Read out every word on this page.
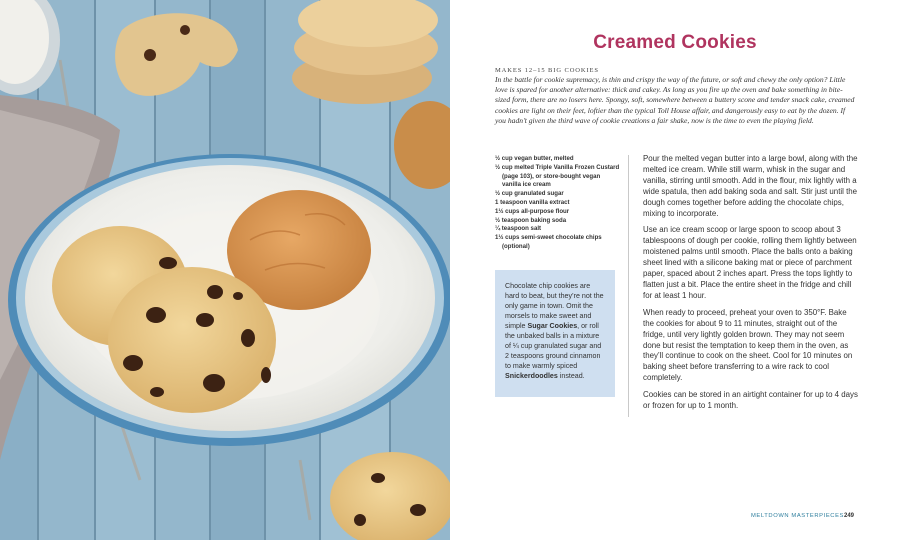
Creamed Cookies
MAKES 12–15 BIG COOKIES

In the battle for cookie supremacy, is thin and crispy the way of the future, or soft and chewy the only option? Little love is spared for another alternative: thick and cakey. As long as you fire up the oven and bake something in bite-sized form, there are no losers here. Spongy, soft, somewhere between a buttery scone and tender snack cake, creamed cookies are light on their feet, loftier than the typical Toll House affair, and dangerously easy to eat by the dozen. If you hadn’t given the third wave of cookie creations a fair shake, now is the time to even the playing field.

½ cup vegan butter, melted
½ cup melted Triple Vanilla Frozen Custard (page 103), or store-bought vegan vanilla ice cream
½ cup granulated sugar
1 teaspoon vanilla extract
1½ cups all-purpose flour
½ teaspoon baking soda
¼ teaspoon salt
1½ cups semi-sweet chocolate chips (optional)
Chocolate chip cookies are hard to beat, but they’re not the only game in town. Omit the morsels to make sweet and simple Sugar Cookies, or roll the unbaked balls in a mixture of ¼ cup granulated sugar and 2 teaspoons ground cinnamon to make warmly spiced Snickerdoodles instead.

Pour the melted vegan butter into a large bowl, along with the melted ice cream. While still warm, whisk in the sugar and vanilla, stirring until smooth. Add in the flour, mix lightly with a wide spatula, then add baking soda and salt. Stir just until the dough comes together before adding the chocolate chips, mixing to incorporate.

Use an ice cream scoop or large spoon to scoop about 3 tablespoons of dough per cookie, rolling them lightly between moistened palms until smooth. Place the balls onto a baking sheet lined with a silicone baking mat or piece of parchment paper, spaced about 2 inches apart. Press the tops lightly to flatten just a bit. Place the entire sheet in the fridge and chill for at least 1 hour.

When ready to proceed, preheat your oven to 350°F. Bake the cookies for about 9 to 11 minutes, straight out of the fridge, until very lightly golden brown. They may not seem done but resist the temptation to keep them in the oven, as they’ll continue to cook on the sheet. Cool for 10 minutes on baking sheet before transferring to a wire rack to cool completely.

Cookies can be stored in an airtight container for up to 4 days or frozen for up to 1 month.

MELTDOWN MASTERPIECES 249
